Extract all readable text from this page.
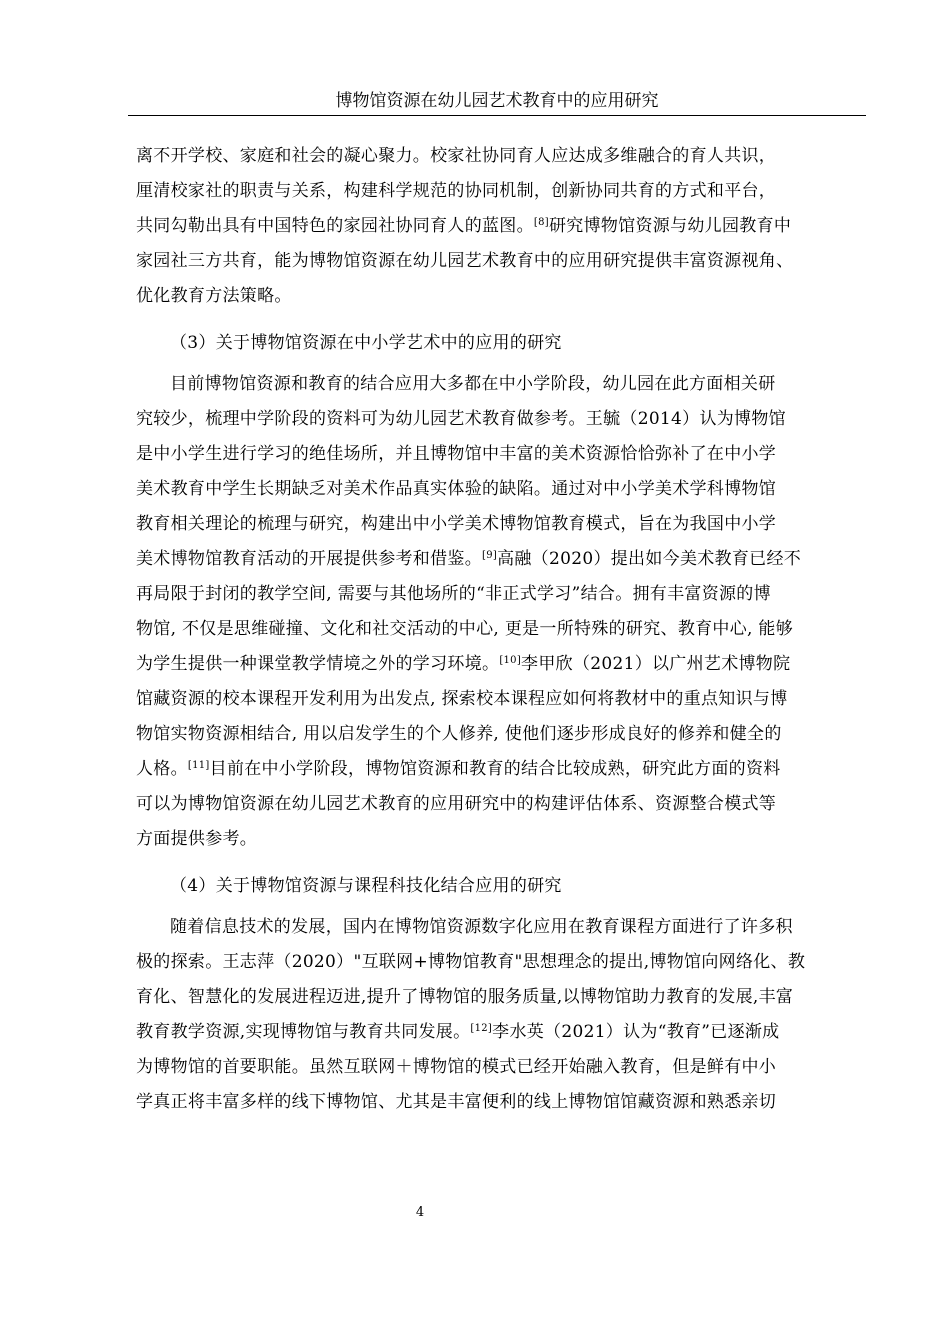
博物馆资源在幼儿园艺术教育中的应用研究
离不开学校、家庭和社会的凝心聚力。校家社协同育人应达成多维融合的育人共识，
厘清校家社的职责与关系，构建科学规范的协同机制，创新协同共育的方式和平台，
共同勾勒出具有中国特色的家园社协同育人的蓝图。[8]研究博物馆资源与幼儿园教育中
家园社三方共育，能为博物馆资源在幼儿园艺术教育中的应用研究提供丰富资源视角、
优化教育方法策略。
（3）关于博物馆资源在中小学艺术中的应用的研究
目前博物馆资源和教育的结合应用大多都在中小学阶段，幼儿园在此方面相关研
究较少，梳理中学阶段的资料可为幼儿园艺术教育做参考。王毓（2014）认为博物馆
是中小学生进行学习的绝佳场所，并且博物馆中丰富的美术资源恰恰弥补了在中小学
美术教育中学生长期缺乏对美术作品真实体验的缺陷。通过对中小学美术学科博物馆
教育相关理论的梳理与研究，构建出中小学美术博物馆教育模式，旨在为我国中小学
美术博物馆教育活动的开展提供参考和借鉴。[9]高融（2020）提出如今美术教育已经不
再局限于封闭的教学空间, 需要与其他场所的“非正式学习”结合。拥有丰富资源的博
物馆, 不仅是思维碰撞、文化和社交活动的中心, 更是一所特殊的研究、教育中心, 能够
为学生提供一种课堂教学情境之外的学习环境。[10]李甲欣（2021）以广州艺术博物院
馆藏资源的校本课程开发利用为出发点, 探索校本课程应如何将教材中的重点知识与博
物馆实物资源相结合, 用以启发学生的个人修养, 使他们逐步形成良好的修养和健全的
人格。[11]目前在中小学阶段，博物馆资源和教育的结合比较成熟，研究此方面的资料
可以为博物馆资源在幼儿园艺术教育的应用研究中的构建评估体系、资源整合模式等
方面提供参考。
（4）关于博物馆资源与课程科技化结合应用的研究
随着信息技术的发展，国内在博物馆资源数字化应用在教育课程方面进行了许多积
极的探索。王志萍（2020）"互联网+博物馆教育"思想理念的提出,博物馆向网络化、教
育化、智慧化的发展进程迈进,提升了博物馆的服务质量,以博物馆助力教育的发展,丰富
教育教学资源,实现博物馆与教育共同发展。[12]李水英（2021）认为“教育”已逐渐成
为博物馆的首要职能。虽然互联网＋博物馆的模式已经开始融入教育，但是鲜有中小
学真正将丰富多样的线下博物馆、尤其是丰富便利的线上博物馆馆藏资源和熟悉亲切
4
